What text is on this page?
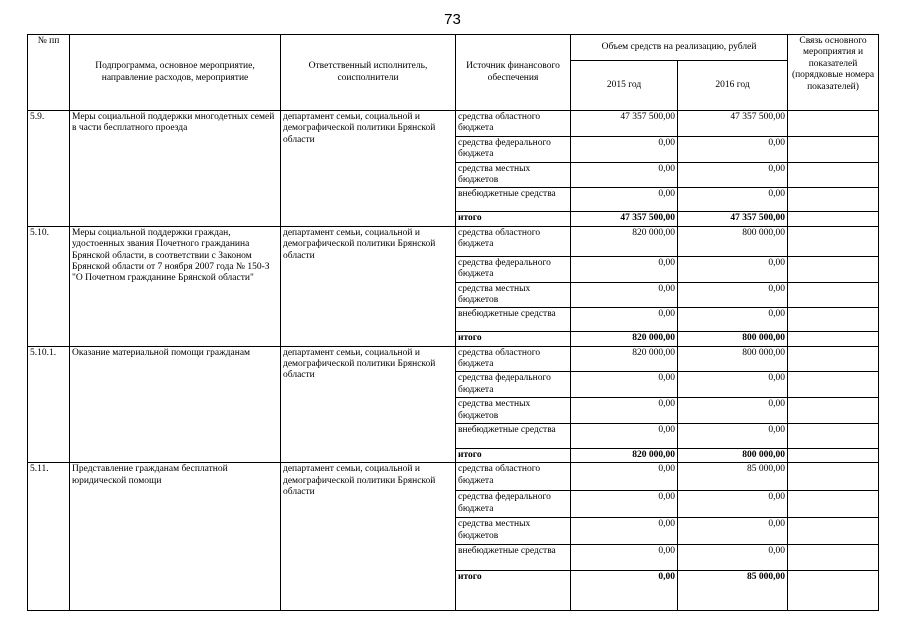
73
№ пп	Подпрограмма, основное мероприятие, направление расходов, мероприятие	Ответственный исполнитель, соисполнители	Источник финансового обеспечения	Объем средств на реализацию, рублей		Связь основного мероприятия и показателей (порядковые номера показателей)
				2015 год	2016 год	
5.9.	Меры социальной поддержки многодетных семей в части бесплатного проезда	департамент семьи, социальной и демографической политики Брянской области	средства областного бюджета	47 357 500,00	47 357 500,00	
			средства федерального бюджета	0,00	0,00	
			средства местных бюджетов	0,00	0,00	
			внебюджетные средства	0,00	0,00	
			итого	47 357 500,00	47 357 500,00	
5.10.	Меры социальной поддержки граждан, удостоенных звания Почетного гражданина Брянской области, в соответствии с Законом Брянской области от 7 ноября 2007 года № 150-З "О Почетном гражданине Брянской области"	департамент семьи, социальной и демографической политики Брянской области	средства областного бюджета	820 000,00	800 000,00	
			средства федерального бюджета	0,00	0,00	
			средства местных бюджетов	0,00	0,00	
			внебюджетные средства	0,00	0,00	
			итого	820 000,00	800 000,00	
5.10.1.	Оказание материальной помощи гражданам	департамент семьи, социальной и демографической политики Брянской области	средства областного бюджета	820 000,00	800 000,00	
			средства федерального бюджета	0,00	0,00	
			средства местных бюджетов	0,00	0,00	
			внебюджетные средства	0,00	0,00	
			итого	820 000,00	800 000,00	
5.11.	Представление гражданам бесплатной юридической помощи	департамент семьи, социальной и демографической политики Брянской области	средства областного бюджета	0,00	85 000,00	
			средства федерального бюджета	0,00	0,00	
			средства местных бюджетов	0,00	0,00	
			внебюджетные средства	0,00	0,00	
			итого	0,00	85 000,00	
